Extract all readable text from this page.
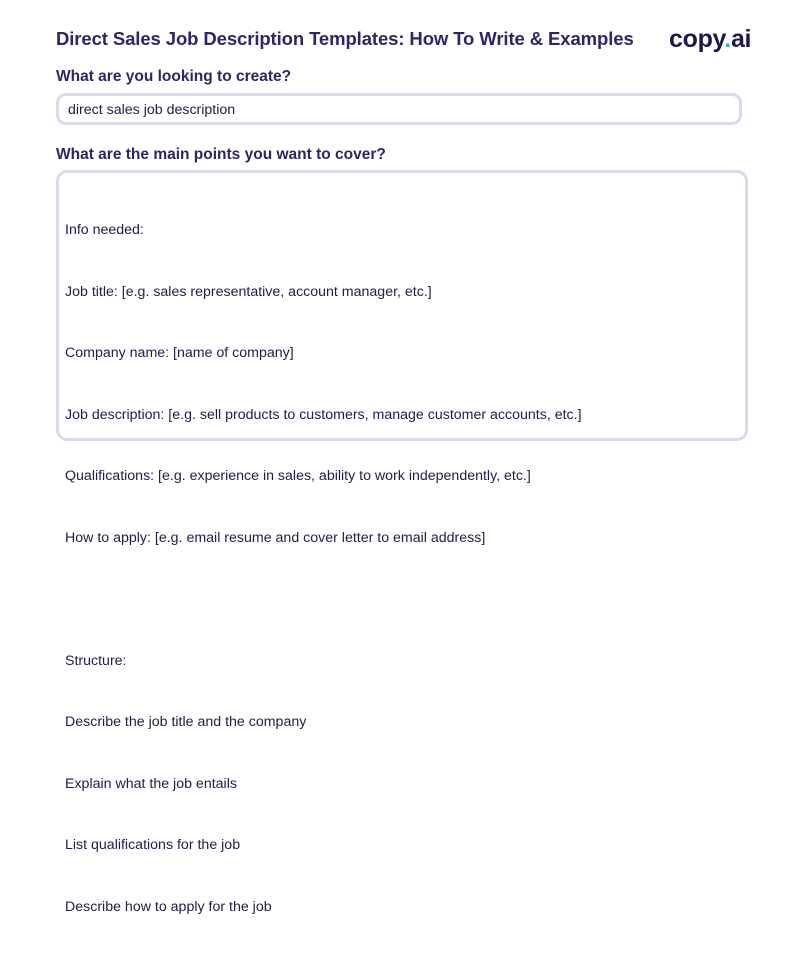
Direct Sales Job Description Templates: How To Write & Examples copy.ai
What are you looking to create?
direct sales job description
What are the main points you want to cover?

Info needed:

Job title: [e.g. sales representative, account manager, etc.]

Company name: [name of company]

Job description: [e.g. sell products to customers, manage customer accounts, etc.]

Qualifications: [e.g. experience in sales, ability to work independently, etc.]

How to apply: [e.g. email resume and cover letter to email address]

Structure:

Describe the job title and the company

Explain what the job entails

List qualifications for the job

Describe how to apply for the job
